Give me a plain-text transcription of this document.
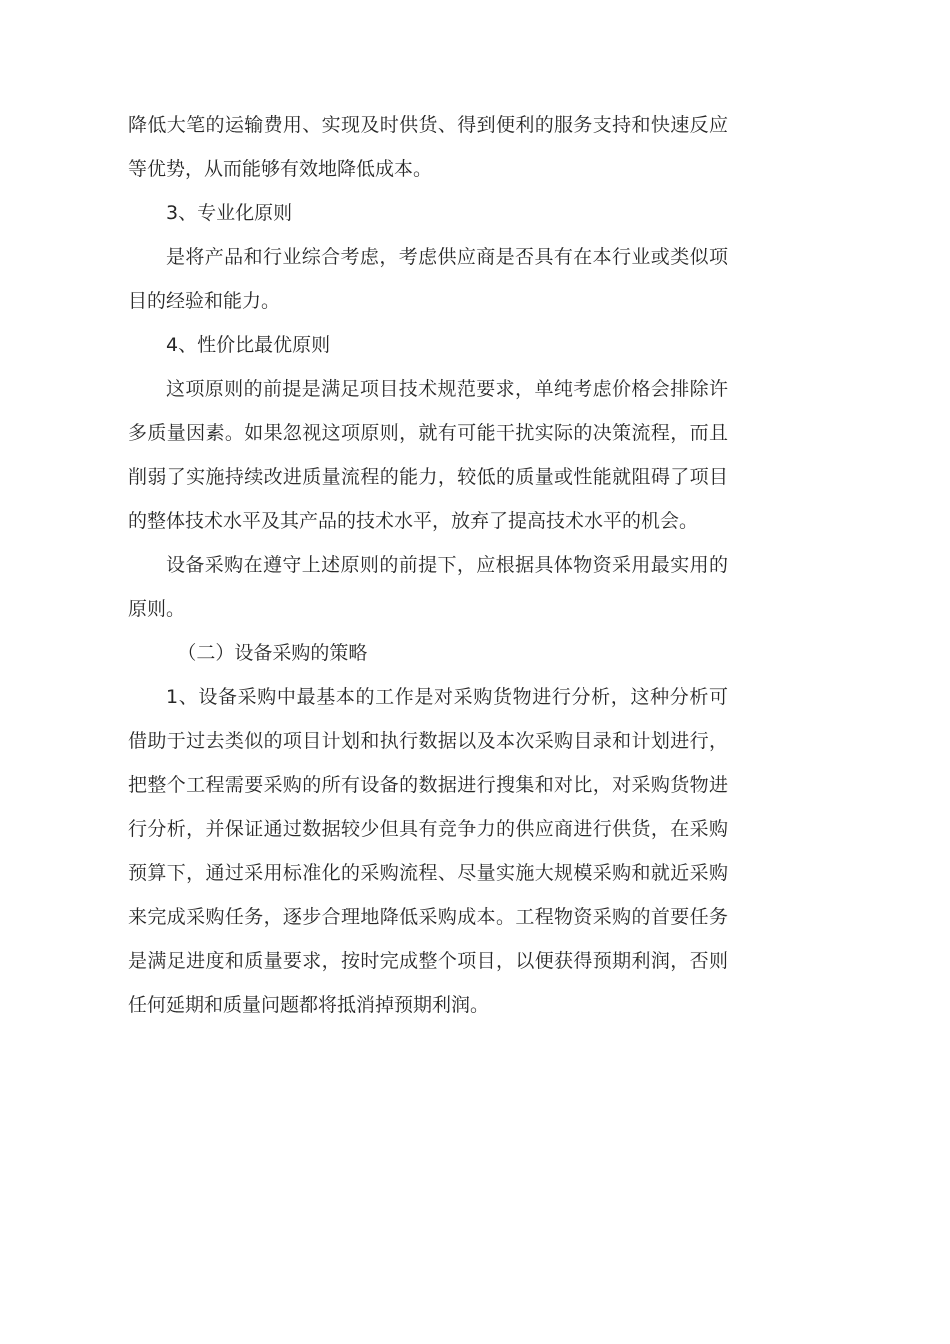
降低大笔的运输费用、实现及时供货、得到便利的服务支持和快速反应等优势，从而能够有效地降低成本。

3、专业化原则

是将产品和行业综合考虑，考虑供应商是否具有在本行业或类似项目的经验和能力。

4、性价比最优原则

这项原则的前提是满足项目技术规范要求，单纯考虑价格会排除许多质量因素。如果忽视这项原则，就有可能干扰实际的决策流程，而且削弱了实施持续改进质量流程的能力，较低的质量或性能就阻碍了项目的整体技术水平及其产品的技术水平，放弃了提高技术水平的机会。

设备采购在遵守上述原则的前提下，应根据具体物资采用最实用的原则。

（二）设备采购的策略

1、设备采购中最基本的工作是对采购货物进行分析，这种分析可借助于过去类似的项目计划和执行数据以及本次采购目录和计划进行，把整个工程需要采购的所有设备的数据进行搜集和对比，对采购货物进行分析，并保证通过数据较少但具有竞争力的供应商进行供货，在采购预算下，通过采用标准化的采购流程、尽量实施大规模采购和就近采购来完成采购任务，逐步合理地降低采购成本。工程物资采购的首要任务是满足进度和质量要求，按时完成整个项目，以便获得预期利润，否则任何延期和质量问题都将抵消掉预期利润。
